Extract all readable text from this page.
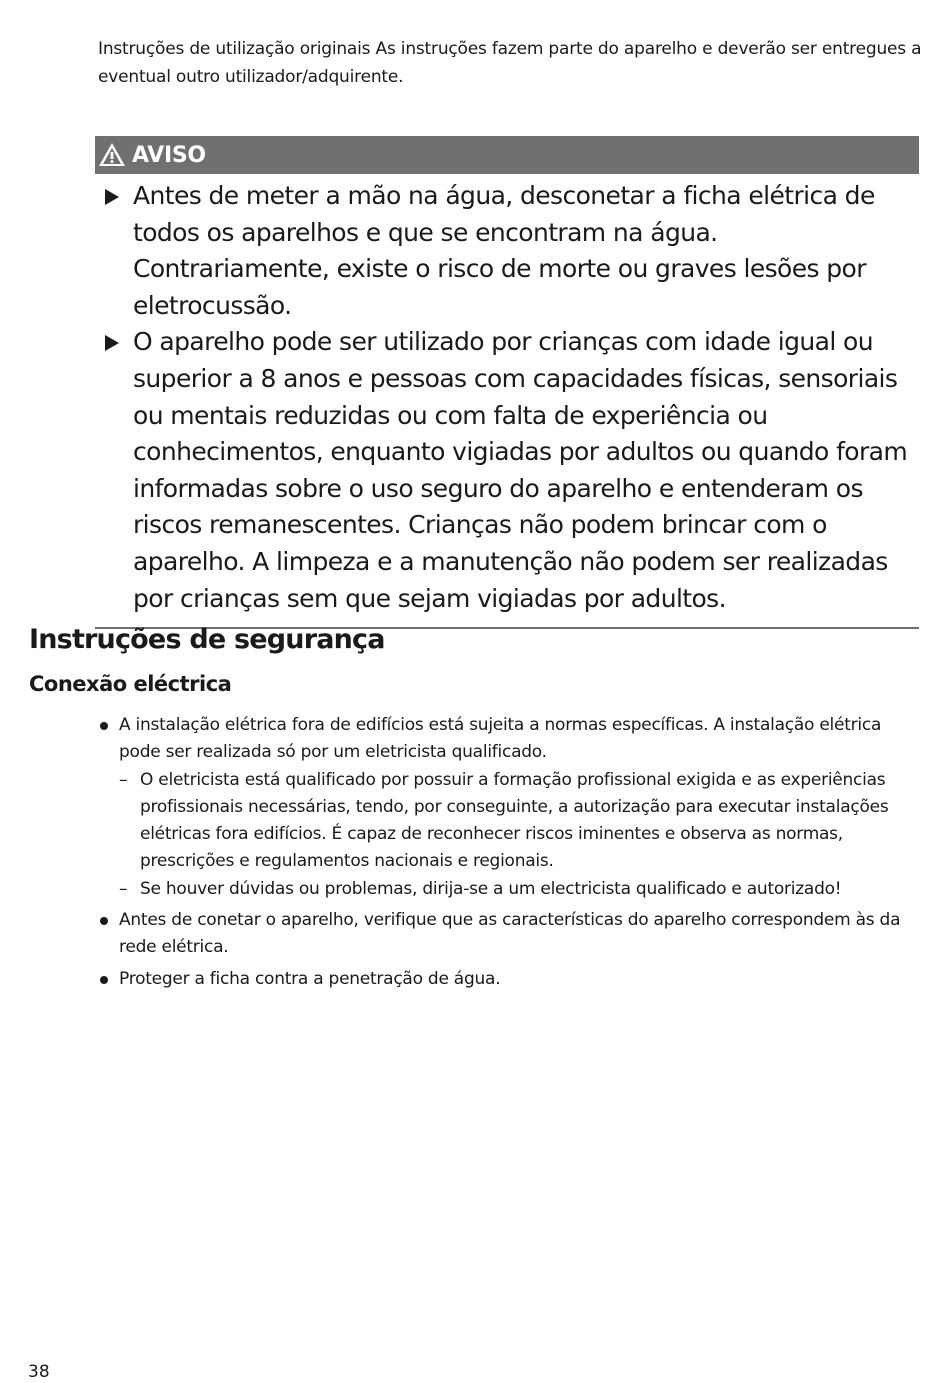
Instruções de utilização originais As instruções fazem parte do aparelho e deverão ser entregues a eventual outro utilizador/adquirente.

AVISO
Antes de meter a mão na água, desconetar a ficha elétrica de todos os aparelhos e que se encontram na água. Contrariamente, existe o risco de morte ou graves lesões por eletrocussão.
O aparelho pode ser utilizado por crianças com idade igual ou superior a 8 anos e pessoas com capacidades físicas, sensoriais ou mentais reduzidas ou com falta de experiência ou conhecimentos, enquanto vigiadas por adultos ou quando foram informadas sobre o uso seguro do aparelho e entenderam os riscos remanescentes. Crianças não podem brincar com o aparelho. A limpeza e a manutenção não podem ser realizadas por crianças sem que sejam vigiadas por adultos.
Instruções de segurança
Conexão eléctrica
A instalação elétrica fora de edifícios está sujeita a normas específicas. A instalação elétrica pode ser realizada só por um eletricista qualificado.
– O eletricista está qualificado por possuir a formação profissional exigida e as experiências profissionais necessárias, tendo, por conseguinte, a autorização para executar instalações elétricas fora edifícios. É capaz de reconhecer riscos iminentes e observa as normas, prescrições e regulamentos nacionais e regionais.
– Se houver dúvidas ou problemas, dirija-se a um electricista qualificado e autorizado!
Antes de conetar o aparelho, verifique que as características do aparelho correspondem às da rede elétrica.
Proteger a ficha contra a penetração de água.
38
